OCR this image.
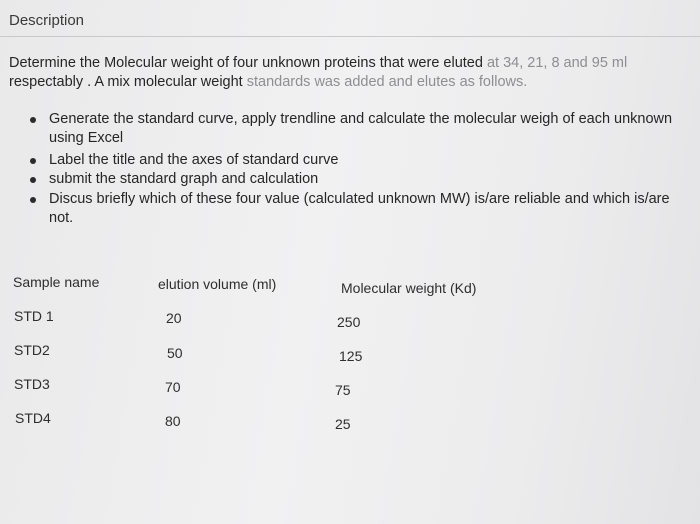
Description

Determine the Molecular weight of four unknown proteins that were eluted at 34, 21, 8 and 95 ml
respectably . A mix molecular weight standards was added and elutes as follows.

Generate the standard curve, apply trendline and calculate the molecular weigh of each unknown using Excel
Label the title and the axes of standard curve
submit the standard graph and calculation
Discus briefly which of these four value (calculated unknown MW) is/are reliable and which is/are not.
Sample name	elution volume (ml)	Molecular weight (Kd)
STD 1	20	250
STD2	50	125
STD3	70	75
STD4	80	25
